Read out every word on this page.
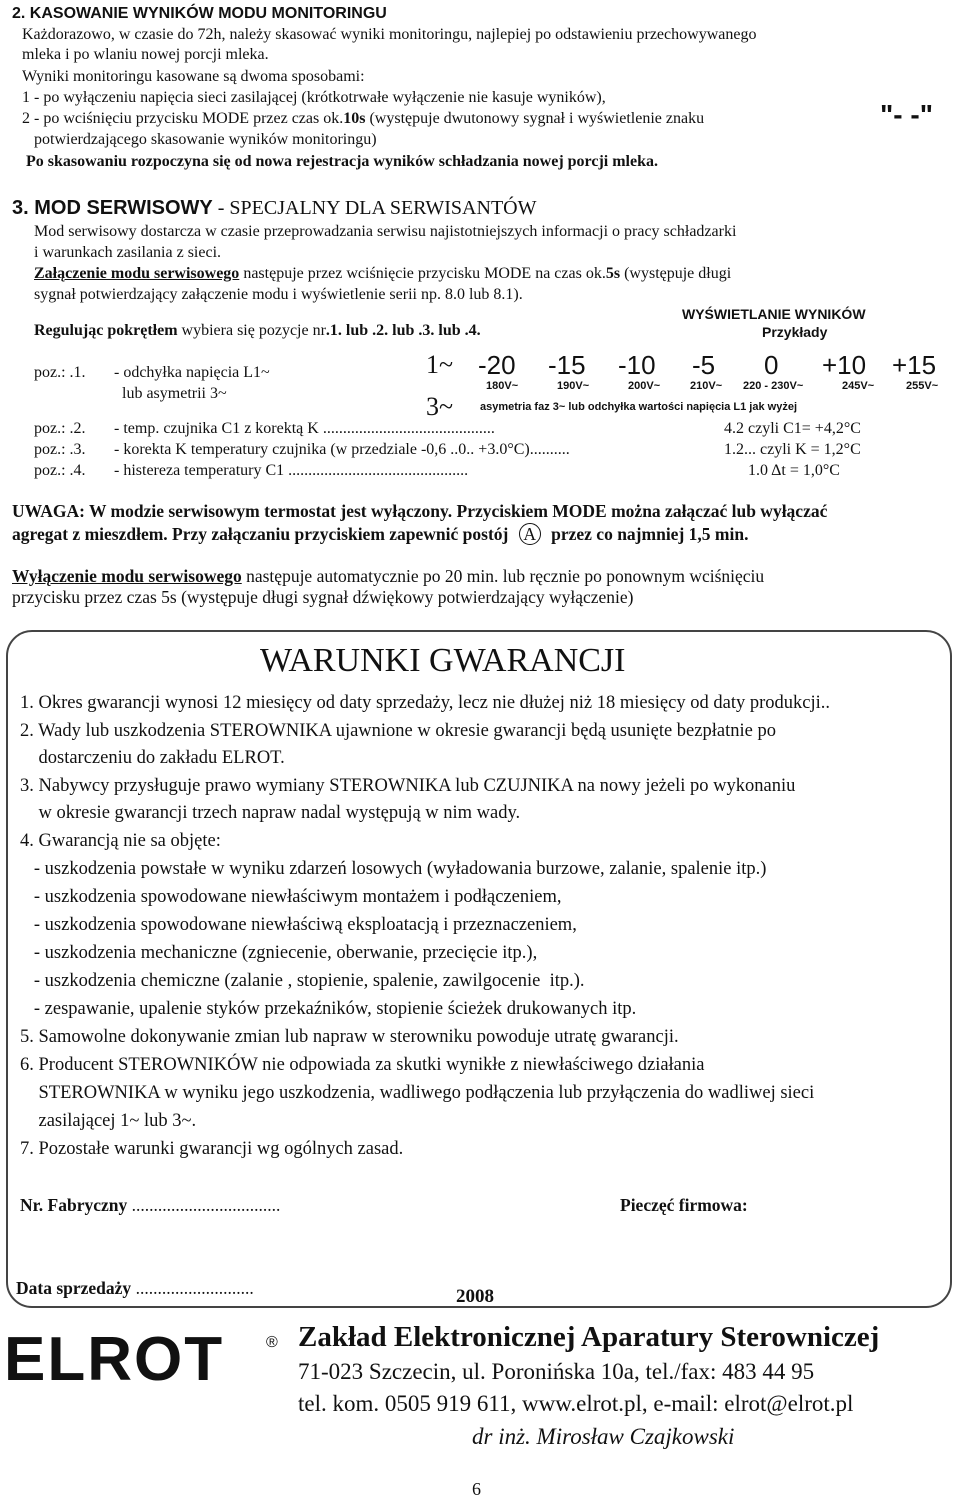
2. KASOWANIE WYNIKÓW MODU MONITORINGU
Każdorazowo, w czasie do 72h, należy skasować wyniki monitoringu, najlepiej po odstawieniu przechowywanego
mleka i po wlaniu nowej porcji mleka.
Wyniki monitoringu kasowane są dwoma sposobami:
1 - po wyłączeniu napięcia sieci zasilającej (krótkotrwałe wyłączenie nie kasuje wyników),
2 - po wciśnięciu przycisku MODE przez czas ok.10s (występuje dwutonowy sygnał i wyświetlenie znaku	"- -"
potwierdzającego skasowanie wyników monitoringu)
Po skasowaniu rozpoczyna się od nowa rejestracja wyników schładzania nowej porcji mleka.
3. MOD SERWISOWY - SPECJALNY DLA SERWISANTÓW
Mod serwisowy dostarcza w czasie przeprowadzania serwisu najistotniejszych informacji o pracy schładzarki
i warunkach zasilania z sieci.
Załączenie modu serwisowego następuje przez wciśnięcie przycisku MODE na czas ok.5s (występuje długi
sygnał potwierdzający załączenie modu i wyświetlenie serii np. 8.0 lub 8.1).
WYŚWIETLANIE WYNIKÓW
Przykłady
Regulując pokrętłem wybiera się pozycje nr.1. lub .2. lub .3. lub .4.
poz.: .1. - odchyłka napięcia L1~
lub asymetrii 3~
1~
3~
-20 -15 -10 -5 0 +10 +15
180V~	190V~	200V~	210V~ 220 - 230V~	245V~	255V~
asymetria faz 3~ lub odchyłka wartości napięcia L1 jak wyżej
poz.: .2. - temp. czujnika C1 z korektą K ...........................................	4.2 czyli C1= +4,2°C
poz.: .3. - korekta K temperatury czujnika (w przedziale -0,6 ..0.. +3.0°C)..........	1.2... czyli K = 1,2°C
poz.: .4. - histereza temperatury C1 .............................................	1.0 Δt = 1,0°C
UWAGA: W modzie serwisowym termostat jest wyłączony. Przyciskiem MODE można załączać lub wyłączać
agregat z mieszdłem. Przy załączaniu przyciskiem zapewnić postój A przez co najmniej 1,5 min.
Wyłączenie modu serwisowego następuje automatycznie po 20 min. lub ręcznie po ponownym wciśnięciu
przycisku przez czas 5s (występuje długi sygnał dźwiękowy potwierdzający wyłączenie)
WARUNKI GWARANCJI
1. Okres gwarancji wynosi 12 miesięcy od daty sprzedaży, lecz nie dłużej niż 18 miesięcy od daty produkcji..
2. Wady lub uszkodzenia STEROWNIKA ujawnione w okresie gwarancji będą usunięte bezpłatnie po
dostarczeniu do zakładu ELROT.
3. Nabywcy przysługuje prawo wymiany STEROWNIKA lub CZUJNIKA na nowy jeżeli po wykonaniu
w okresie gwarancji trzech napraw nadal występują w nim wady.
4. Gwarancją nie sa objęte:
- uszkodzenia powstałe w wyniku zdarzeń losowych (wyładowania burzowe, zalanie, spalenie itp.)
- uszkodzenia spowodowane niewłaściwym montażem i podłączeniem,
- uszkodzenia spowodowane niewłaściwą eksploatacją i przeznaczeniem,
- uszkodzenia mechaniczne (zgniecenie, oberwanie, przecięcie itp.),
- uszkodzenia chemiczne (zalanie , stopienie, spalenie, zawilgocenie  itp.).
- zespawanie, upalenie styków przekaźników, stopienie ścieżek drukowanych itp.
5. Samowolne dokonywanie zmian lub napraw w sterowniku powoduje utratę gwarancji.
6. Producent STEROWNIKÓW nie odpowiada za skutki wynikłe z niewłaściwego działania
STEROWNIKA w wyniku jego uszkodzenia, wadliwego podłączenia lub przyłączenia do wadliwej sieci
zasilającej 1~ lub 3~.
7. Pozostałe warunki gwarancji wg ogólnych zasad.
Nr. Fabryczny ..................................	Pieczęć firmowa:
Data sprzedaży ...........................	2008
ELROT	® Zakład Elektronicznej Aparatury Sterowniczej
71-023 Szczecin, ul. Poronińska 10a, tel./fax: 483 44 95
tel. kom. 0505 919 611, www.elrot.pl, e-mail: elrot@elrot.pl
dr inż. Mirosław Czajkowski
6
